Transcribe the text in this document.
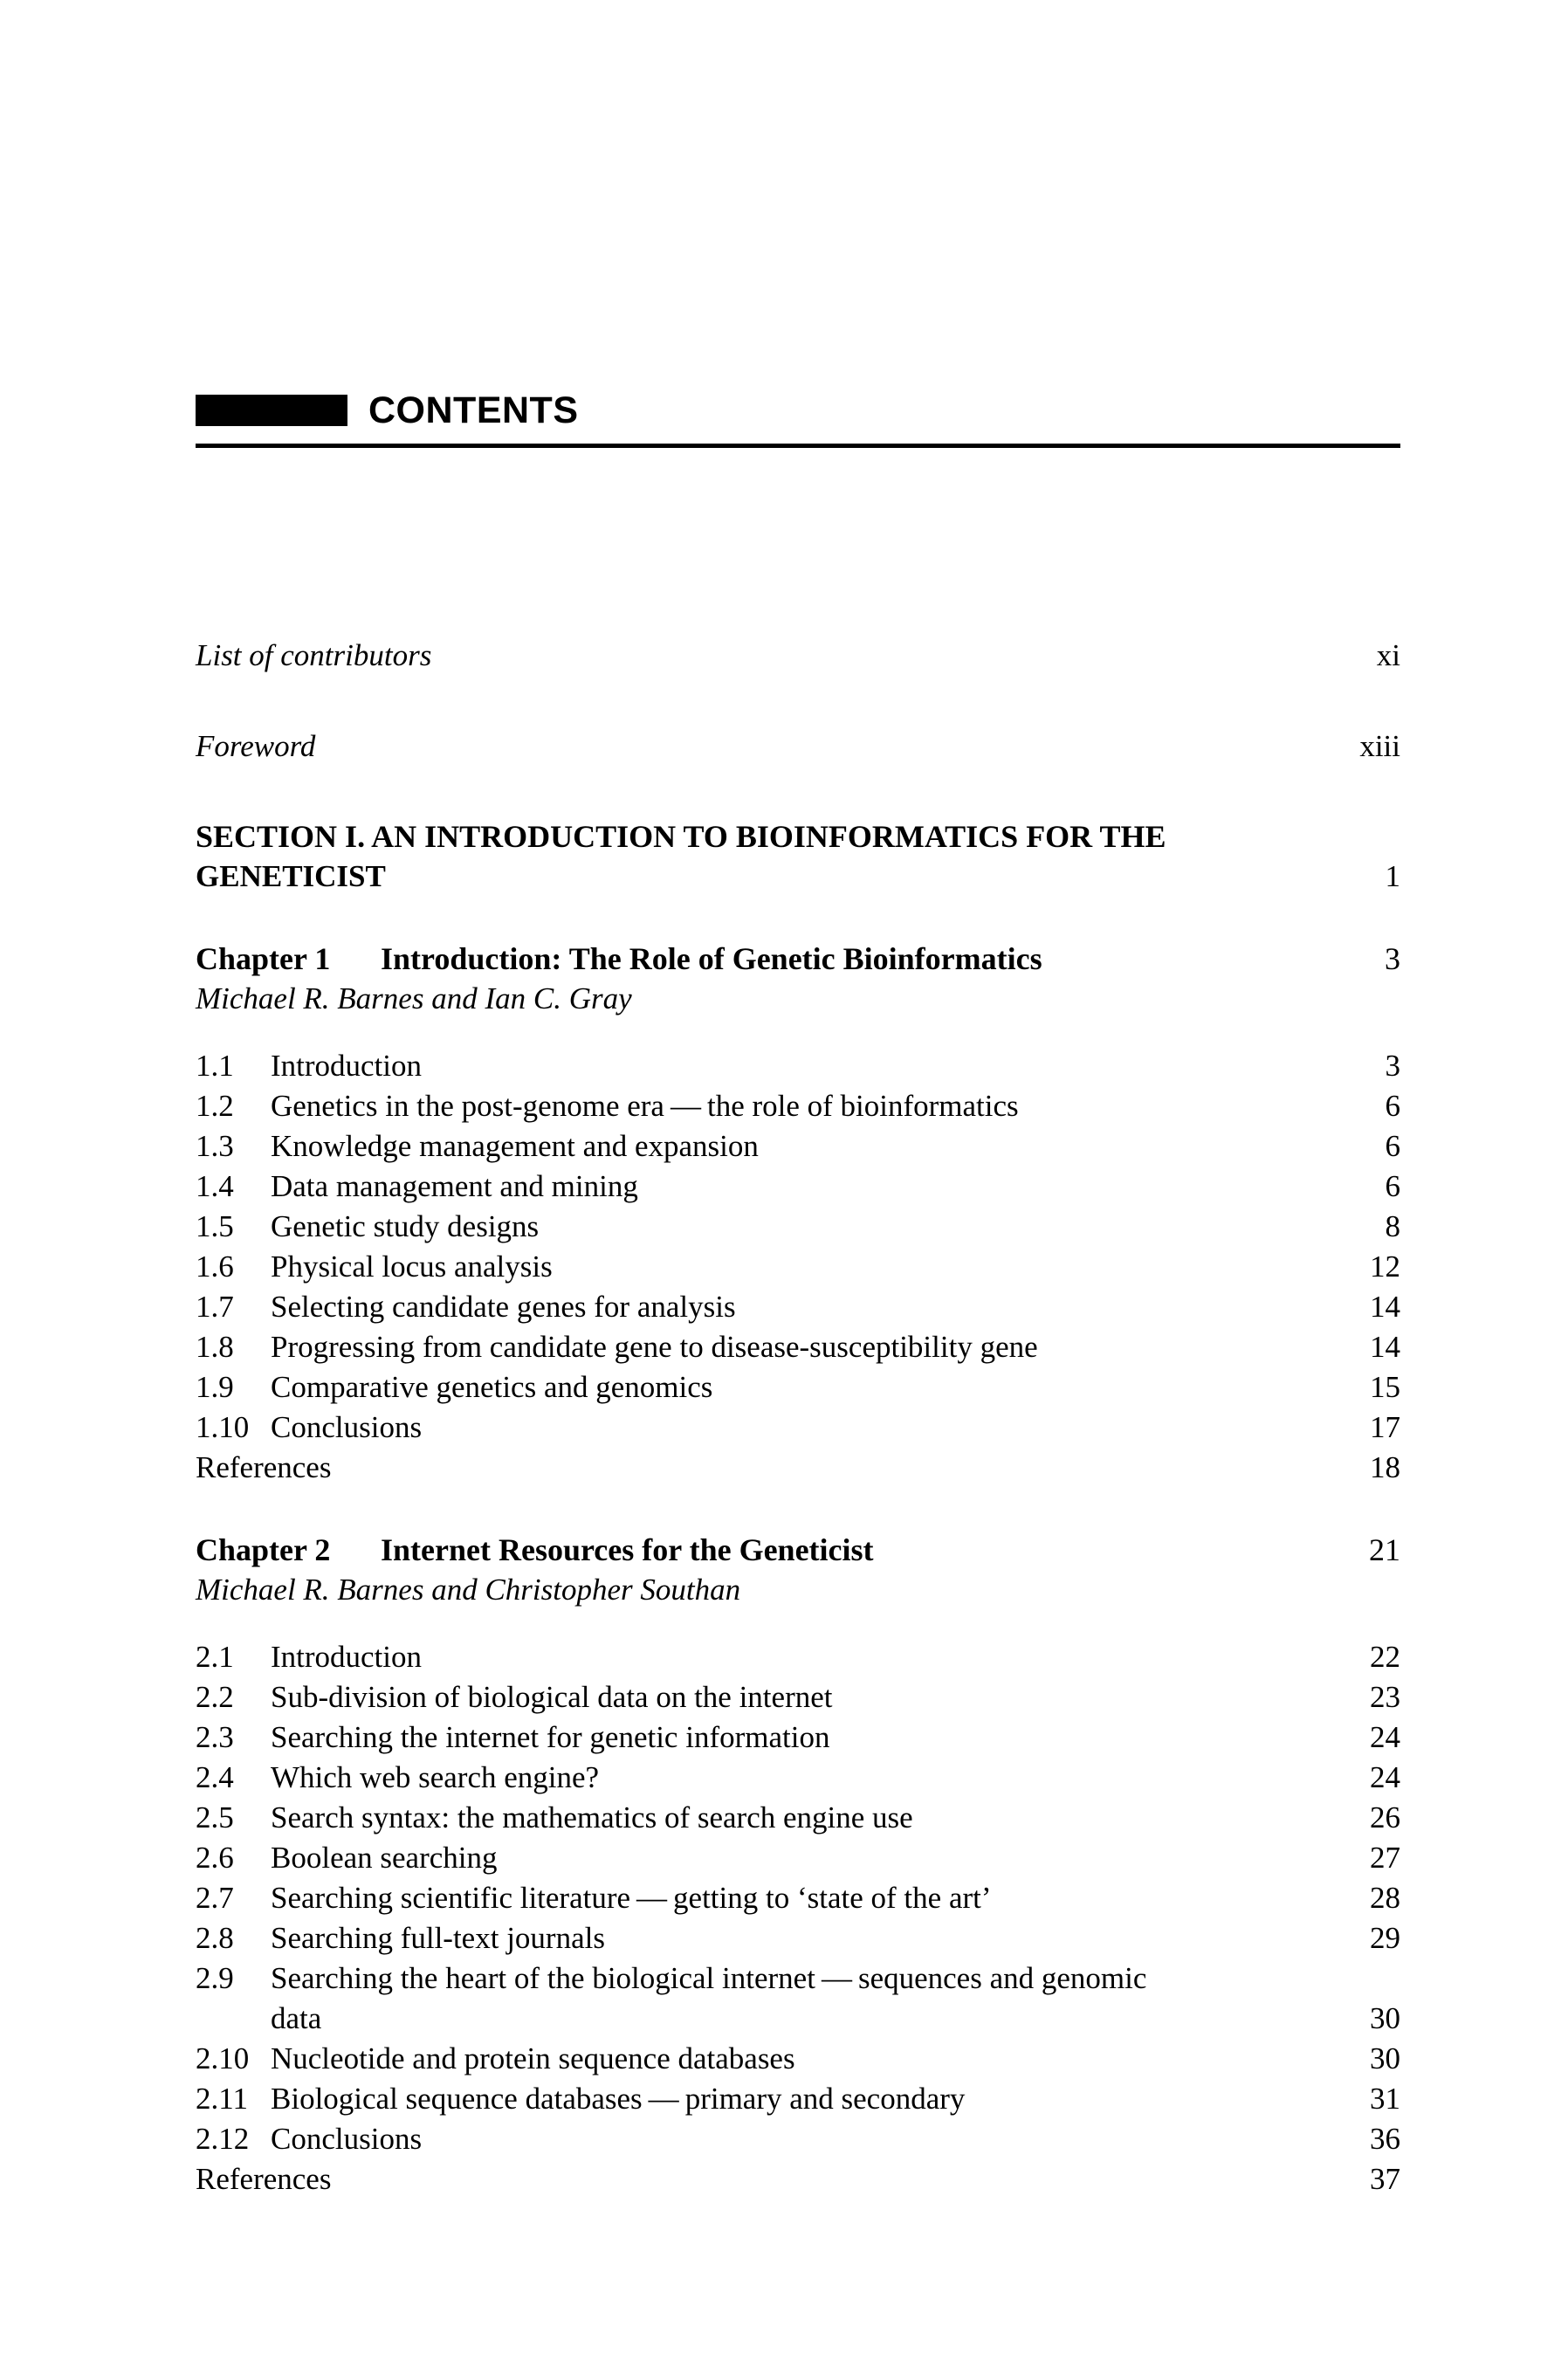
CONTENTS
List of contributors	xi
Foreword	xiii
SECTION I. AN INTRODUCTION TO BIOINFORMATICS FOR THE
GENETICIST	1
Chapter 1 Introduction: The Role of Genetic Bioinformatics	3
Michael R. Barnes and Ian C. Gray
1.1 Introduction	3
1.2 Genetics in the post-genome era — the role of bioinformatics	6
1.3 Knowledge management and expansion	6
1.4 Data management and mining	6
1.5 Genetic study designs	8
1.6 Physical locus analysis	12
1.7 Selecting candidate genes for analysis	14
1.8 Progressing from candidate gene to disease-susceptibility gene	14
1.9 Comparative genetics and genomics	15
1.10 Conclusions	17
References	18
Chapter 2 Internet Resources for the Geneticist	21
Michael R. Barnes and Christopher Southan
2.1 Introduction	22
2.2 Sub-division of biological data on the internet	23
2.3 Searching the internet for genetic information	24
2.4 Which web search engine?	24
2.5 Search syntax: the mathematics of search engine use	26
2.6 Boolean searching	27
2.7 Searching scientific literature — getting to ‘state of the art’	28
2.8 Searching full-text journals	29
2.9 Searching the heart of the biological internet — sequences and genomic
data	30
2.10 Nucleotide and protein sequence databases	30
2.11 Biological sequence databases — primary and secondary	31
2.12 Conclusions	36
References	37
